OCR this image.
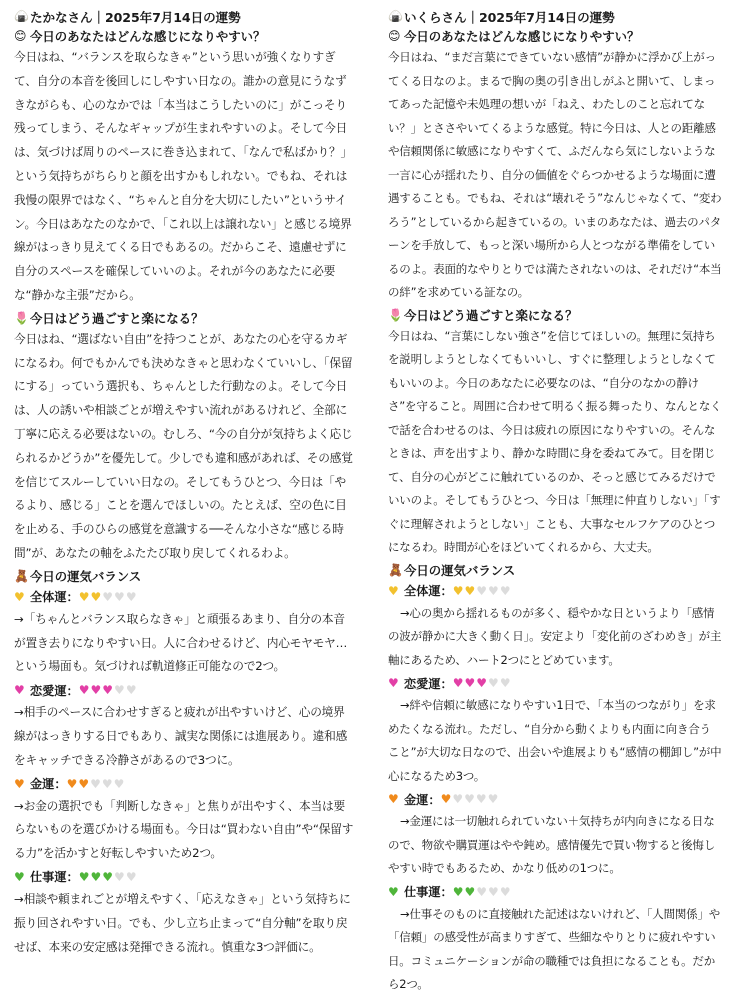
🍙 たかなさん｜2025年7月14日の運勢
😊 今日のあなたはどんな感じになりやすい？

今日はね、“バランスを取らなきゃ”という思いが強くなりすぎて、自分の本音を後回しにしやすい日なの。誰かの意見にうなずきながらも、心のなかでは「本当はこうしたいのに」がこっそり残ってしまう、そんなギャップが生まれやすいのよ。そして今日は、気づけば周りのペースに巻き込まれて、「なんで私ばかり？」という気持ちがちらりと顔を出すかもしれない。でもね、それは我慢の限界ではなく、“ちゃんと自分を大切にしたい”というサイン。今日はあなたのなかで、「これ以上は譲れない」と感じる境界線がはっきり見えてくる日でもあるの。だからこそ、遠慮せずに自分のスペースを確保していいのよ。それが今のあなたに必要な“静かな主張”だから。

🌷 今日はどう過ごすと楽になる？

今日はね、“選ばない自由”を持つことが、あなたの心を守るカギになるわ。何でもかんでも決めなきゃと思わなくていいし、「保留にする」っていう選択も、ちゃんとした行動なのよ。そして今日は、人の誘いや相談ごとが増えやすい流れがあるけれど、全部に丁寧に応える必要はないの。むしろ、“今の自分が気持ちよく応じられるかどうか”を優先して。少しでも違和感があれば、その感覚を信じてスルーしていい日なの。そしてもうひとつ、今日は「やるより、感じる」ことを選んでほしいの。たとえば、空の色に目を止める、手のひらの感覚を意識する──そんな小さな“感じる時間”が、あなたの軸をふたたび取り戻してくれるわよ。

🧸 今日の運気バランス
♥ 全体運： ♥ ♥ ♥ ♥ ♥

→「ちゃんとバランス取らなきゃ」と頑張るあまり、自分の本音が置き去りになりやすい日。人に合わせるけど、内心モヤモヤ…という場面も。気づければ軌道修正可能なので2つ。

♥ 恋愛運： ♥ ♥ ♥ ♥ ♥

→相手のペースに合わせすぎると疲れが出やすいけど、心の境界線がはっきりする日でもあり、誠実な関係には進展あり。違和感をキャッチできる冷静さがあるので3つに。

♥ 金運： ♥ ♥ ♥ ♥ ♥

→お金の選択でも「判断しなきゃ」と焦りが出やすく、本当は要らないものを選びかける場面も。今日は“買わない自由”や“保留する力”を活かすと好転しやすいため2つ。

♥ 仕事運： ♥ ♥ ♥ ♥ ♥

→相談や頼まれごとが増えやすく、「応えなきゃ」という気持ちに振り回されやすい日。でも、少し立ち止まって“自分軸”を取り戻せば、本来の安定感は発揮できる流れ。慎重な3つ評価に。

🍙 いくらさん｜2025年7月14日の運勢
😊 今日のあなたはどんな感じになりやすい？

今日はね、“まだ言葉にできていない感情”が静かに浮かび上がってくる日なのよ。まるで胸の奥の引き出しがふと開いて、しまってあった記憶や未処理の想いが「ねえ、わたしのこと忘れてない？」とささやいてくるような感覚。特に今日は、人との距離感や信頼関係に敏感になりやすくて、ふだんなら気にしないような一言に心が揺れたり、自分の価値をぐらつかせるような場面に遭遇することも。でもね、それは“壊れそう”なんじゃなくて、“変わろう”としているから起きているの。いまのあなたは、過去のパターンを手放して、もっと深い場所から人とつながる準備をしているのよ。表面的なやりとりでは満たされないのは、それだけ“本当の絆”を求めている証なの。

🌷 今日はどう過ごすと楽になる？

今日はね、“言葉にしない強さ”を信じてほしいの。無理に気持ちを説明しようとしなくてもいいし、すぐに整理しようとしなくてもいいのよ。今日のあなたに必要なのは、“自分のなかの静けさ”を守ること。周囲に合わせて明るく振る舞ったり、なんとなくで話を合わせるのは、今日は疲れの原因になりやすいの。そんなときは、声を出すより、静かな時間に身を委ねてみて。目を閉じて、自分の心がどこに触れているのか、そっと感じてみるだけでいいのよ。そしてもうひとつ、今日は「無理に仲直りしない」「すぐに理解されようとしない」ことも、大事なセルフケアのひとつになるわ。時間が心をほどいてくれるから、大丈夫。

🧸 今日の運気バランス
♥ 全体運： ♥ ♥ ♥ ♥ ♥

→心の奥から揺れるものが多く、穏やかな日というより「感情の波が静かに大きく動く日」。安定より「変化前のざわめき」が主軸にあるため、ハート2つにとどめています。

♥ 恋愛運： ♥ ♥ ♥ ♥ ♥

→絆や信頼に敏感になりやすい1日で、「本当のつながり」を求めたくなる流れ。ただし、“自分から動くよりも内面に向き合うこと”が大切な日なので、出会いや進展よりも“感情の棚卸し”が中心になるため3つ。

♥ 金運： ♥ ♥ ♥ ♥ ♥

→金運には一切触れられていない＋気持ちが内向きになる日なので、物欲や購買運はやや鈍め。感情優先で買い物すると後悔しやすい時でもあるため、かなり低めの1つに。

♥ 仕事運： ♥ ♥ ♥ ♥ ♥

→仕事そのものに直接触れた記述はないけれど、「人間関係」や「信頼」の感受性が高まりすぎて、些細なやりとりに疲れやすい日。コミュニケーションが命の職種では負担になることも。だから2つ。
